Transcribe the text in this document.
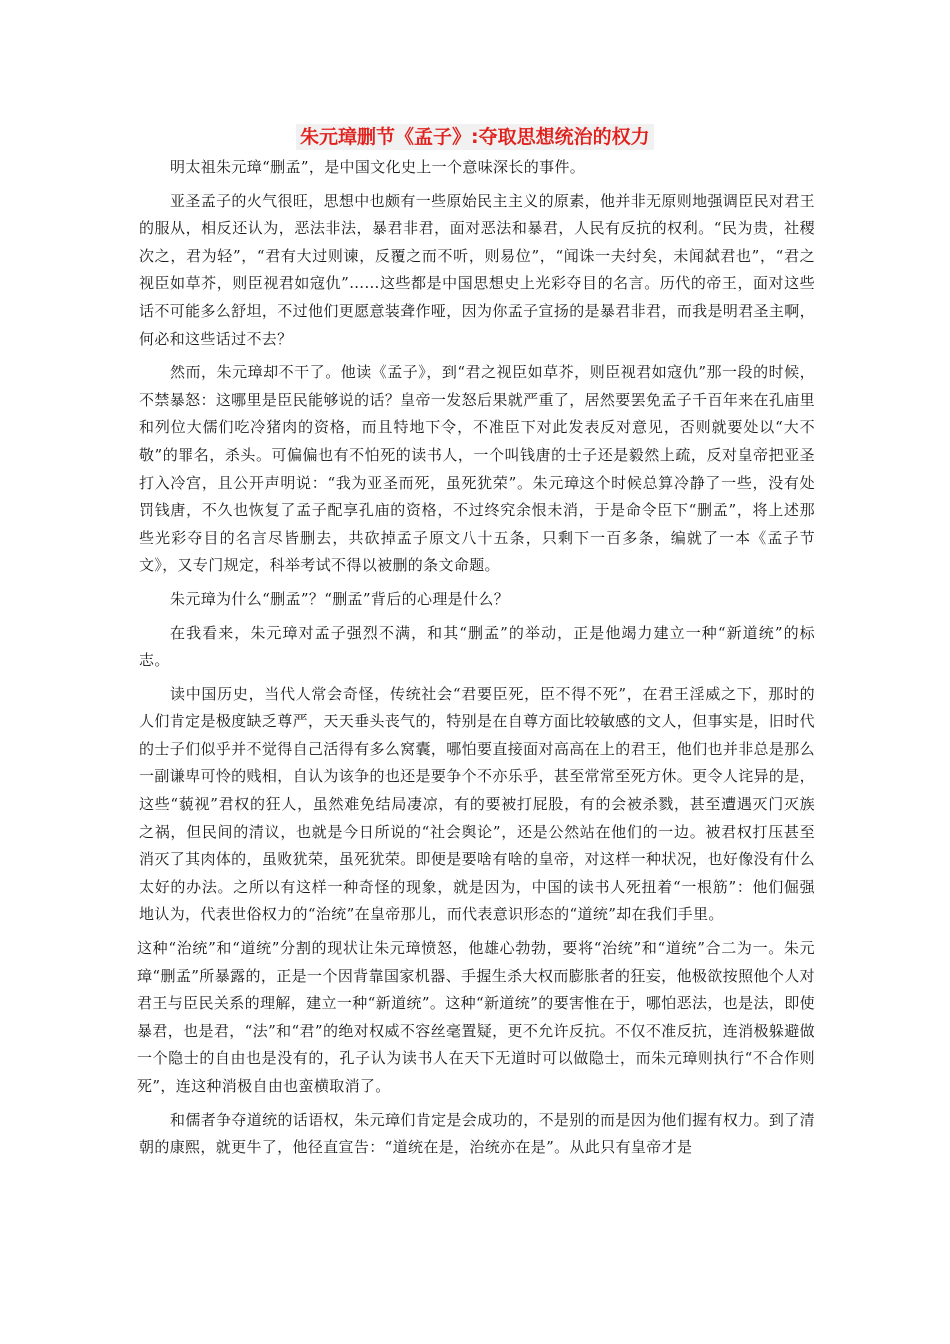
朱元璋删节《孟子》:夺取思想统治的权力

明太祖朱元璋“删孟”，是中国文化史上一个意味深长的事件。

亚圣孟子的火气很旺，思想中也颇有一些原始民主主义的原素，他并非无原则地强调臣民对君王的服从，相反还认为，恶法非法，暴君非君，面对恶法和暴君，人民有反抗的权利。“民为贵，社稷次之，君为轻”，“君有大过则谏，反覆之而不听，则易位”，“闻诛一夫纣矣，未闻弑君也”，“君之视臣如草芥，则臣视君如寇仇”……这些都是中国思想史上光彩夺目的名言。历代的帝王，面对这些话不可能多么舒坦，不过他们更愿意装聋作哑，因为你孟子宣扬的是暴君非君，而我是明君圣主啊，何必和这些话过不去？

然而，朱元璋却不干了。他读《孟子》，到“君之视臣如草芥，则臣视君如寇仇”那一段的时候，不禁暴怒：这哪里是臣民能够说的话？皇帝一发怒后果就严重了，居然要罢免孟子千百年来在孔庙里和列位大儒们吃冷猪肉的资格，而且特地下令，不准臣下对此发表反对意见，否则就要处以“大不敬”的罪名，杀头。可偏偏也有不怕死的读书人，一个叫钱唐的士子还是毅然上疏，反对皇帝把亚圣打入冷宫，且公开声明说：“我为亚圣而死，虽死犹荣”。朱元璋这个时候总算冷静了一些，没有处罚钱唐，不久也恢复了孟子配享孔庙的资格，不过终究余恨未消，于是命令臣下“删孟”，将上述那些光彩夺目的名言尽皆删去，共砍掉孟子原文八十五条，只剩下一百多条，编就了一本《孟子节文》，又专门规定，科举考试不得以被删的条文命题。

朱元璋为什么“删孟”？“删孟”背后的心理是什么？

在我看来，朱元璋对孟子强烈不满，和其“删孟”的举动，正是他竭力建立一种“新道统”的标志。

读中国历史，当代人常会奇怪，传统社会“君要臣死，臣不得不死”，在君王淫威之下，那时的人们肯定是极度缺乏尊严，天天垂头丧气的，特别是在自尊方面比较敏感的文人，但事实是，旧时代的士子们似乎并不觉得自己活得有多么窝囊，哪怕要直接面对高高在上的君王，他们也并非总是那么一副谦卑可怜的贱相，自认为该争的也还是要争个不亦乐乎，甚至常常至死方休。更令人诧异的是，这些“藐视”君权的狂人，虽然难免结局凄凉，有的要被打屁股，有的会被杀戮，甚至遭遇灭门灭族之祸，但民间的清议，也就是今日所说的“社会舆论”，还是公然站在他们的一边。被君权打压甚至消灭了其肉体的，虽败犹荣，虽死犹荣。即便是要啥有啥的皇帝，对这样一种状况，也好像没有什么太好的办法。之所以有这样一种奇怪的现象，就是因为，中国的读书人死扭着“一根筋”：他们倔强地认为，代表世俗权力的“治统”在皇帝那儿，而代表意识形态的“道统”却在我们手里。

这种“治统”和“道统”分割的现状让朱元璋愤怒，他雄心勃勃，要将“治统”和“道统”合二为一。朱元璋“删孟”所暴露的，正是一个因背靠国家机器、手握生杀大权而膨胀者的狂妄，他极欲按照他个人对君王与臣民关系的理解，建立一种“新道统”。这种“新道统”的要害惟在于，哪怕恶法，也是法，即使暴君，也是君，“法”和“君”的绝对权威不容丝毫置疑，更不允许反抗。不仅不准反抗，连消极躲避做一个隐士的自由也是没有的，孔子认为读书人在天下无道时可以做隐士，而朱元璋则执行“不合作则死”，连这种消极自由也蛮横取消了。

和儒者争夺道统的话语权，朱元璋们肯定是会成功的，不是别的而是因为他们握有权力。到了清朝的康熙，就更牛了，他径直宣告：“道统在是，治统亦在是”。从此只有皇帝才是
